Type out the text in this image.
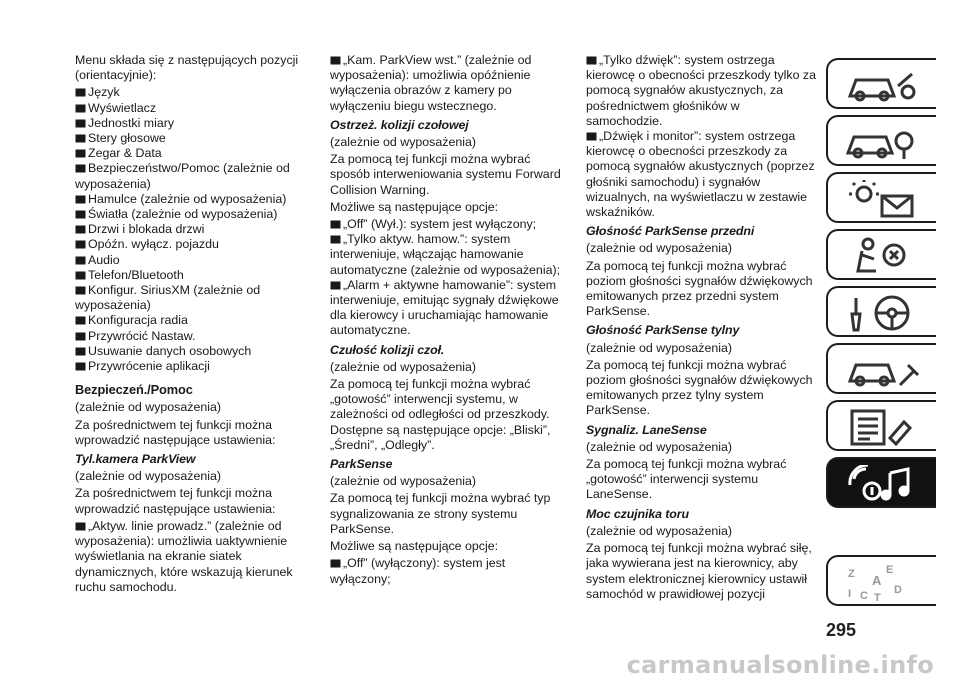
Menu składa się z następujących pozycji (orientacyjnie):

Język

Wyświetlacz

Jednostki miary

Stery głosowe

Zegar & Data

Bezpieczeństwo/Pomoc (zależnie od wyposażenia)

Hamulce (zależnie od wyposażenia)

Światła (zależnie od wyposażenia)

Drzwi i blokada drzwi

Opóźn. wyłącz. pojazdu

Audio

Telefon/Bluetooth

Konfigur. SiriusXM (zależnie od wyposażenia)

Konfiguracja radia

Przywrócić Nastaw.

Usuwanie danych osobowych

Przywrócenie aplikacji

Bezpieczeń./Pomoc

(zależnie od wyposażenia)

Za pośrednictwem tej funkcji można wprowadzić następujące ustawienia:

Tyl.kamera ParkView

(zależnie od wyposażenia)

Za pośrednictwem tej funkcji można wprowadzić następujące ustawienia:

„Aktyw. linie prowadz.” (zależnie od wyposażenia): umożliwia uaktywnienie wyświetlania na ekranie siatek dynamicznych, które wskazują kierunek ruchu samochodu.

„Kam. ParkView wst.” (zależnie od wyposażenia): umożliwia opóźnienie wyłączenia obrazów z kamery po wyłączeniu biegu wstecznego.

Ostrzeż. kolizji czołowej

(zależnie od wyposażenia)

Za pomocą tej funkcji można wybrać sposób interweniowania systemu Forward Collision Warning.

Możliwe są następujące opcje:

„Off” (Wył.): system jest wyłączony;

„Tylko aktyw. hamow.”: system interweniuje, włączając hamowanie automatyczne (zależnie od wyposażenia);

„Alarm + aktywne hamowanie”: system interweniuje, emitując sygnały dźwiękowe dla kierowcy i uruchamiając hamowanie automatyczne.

Czułość kolizji czoł.

(zależnie od wyposażenia)

Za pomocą tej funkcji można wybrać „gotowość” interwencji systemu, w zależności od odległości od przeszkody. Dostępne są następujące opcje: „Bliski”, „Średni”, „Odległy”.

ParkSense

(zależnie od wyposażenia)

Za pomocą tej funkcji można wybrać typ sygnalizowania ze strony systemu ParkSense.

Możliwe są następujące opcje:

„Off” (wyłączony): system jest wyłączony;

„Tylko dźwięk”: system ostrzega kierowcę o obecności przeszkody tylko za pomocą sygnałów akustycznych, za pośrednictwem głośników w samochodzie.

„Dźwięk i monitor”: system ostrzega kierowcę o obecności przeszkody za pomocą sygnałów akustycznych (poprzez głośniki samochodu) i sygnałów wizualnych, na wyświetlaczu w zestawie wskaźników.

Głośność ParkSense przedni

(zależnie od wyposażenia)

Za pomocą tej funkcji można wybrać poziom głośności sygnałów dźwiękowych emitowanych przez przedni system ParkSense.

Głośność ParkSense tylny

(zależnie od wyposażenia)

Za pomocą tej funkcji można wybrać poziom głośności sygnałów dźwiękowych emitowanych przez tylny system ParkSense.

Sygnaliz. LaneSense

(zależnie od wyposażenia)

Za pomocą tej funkcji można wybrać „gotowość” interwencji systemu LaneSense.

Moc czujnika toru

(zależnie od wyposażenia)

Za pomocą tej funkcji można wybrać siłę, jaka wywierana jest na kierownicy, aby system elektronicznej kierownicy ustawił samochód w prawidłowej pozycji

Z	E
A
I C T
D
295
carmanualsonline.info
